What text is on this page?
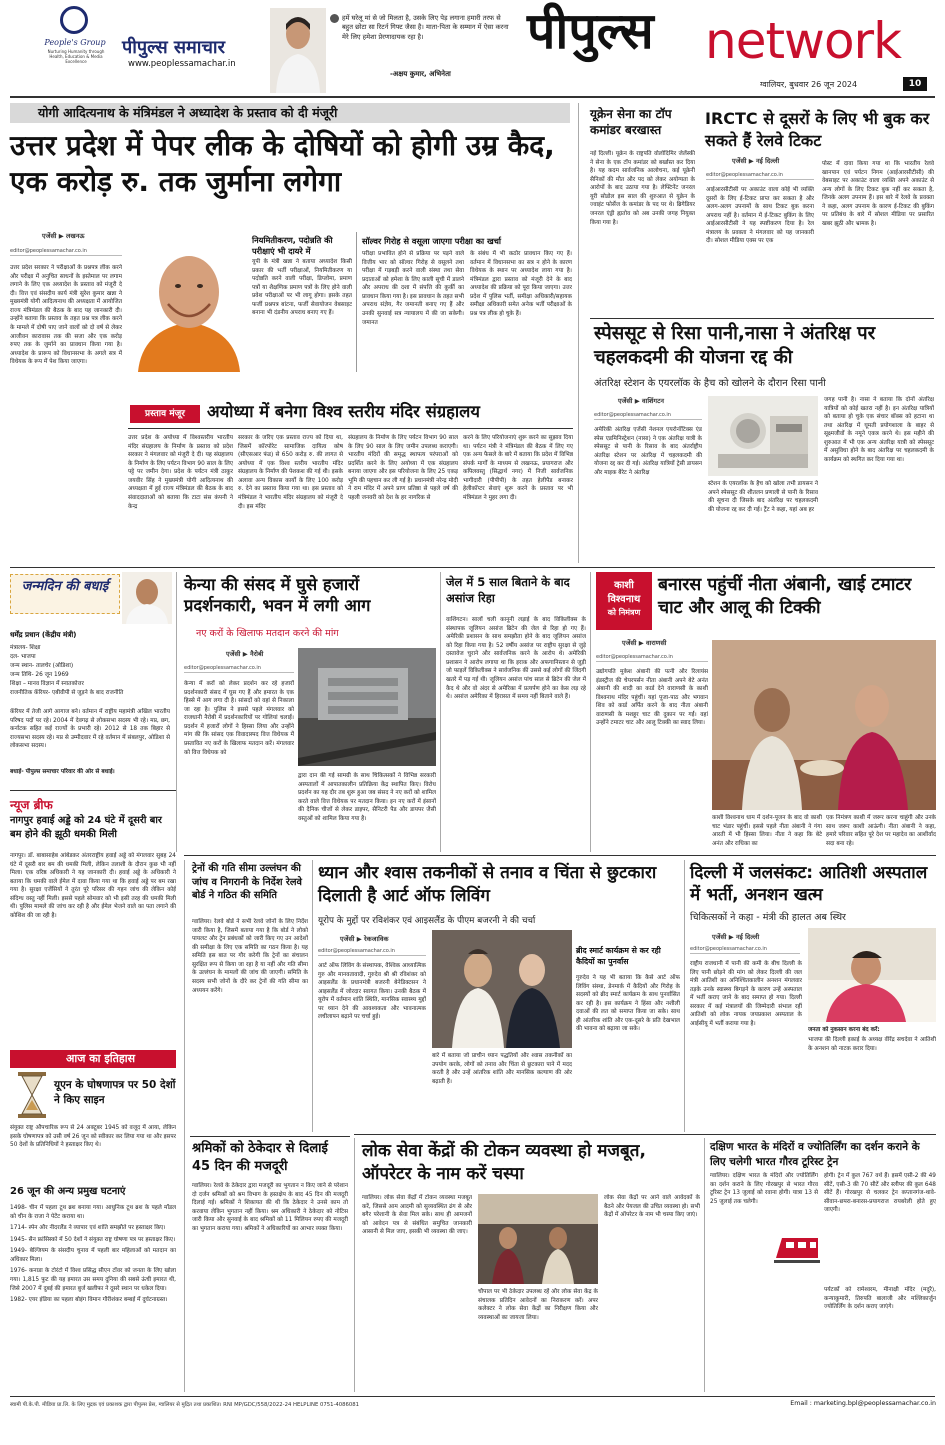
People's Group
Nurturing Humanity through Health, Education & Media Excellence
पीपुल्स समाचार
www.peoplessamachar.in
हमें घरेलू मां से जो मिलता है, उसके लिए पेड़ लगाना हमारी तरफ से बहुत छोटा सा रिटर्न गिफ्ट जैसा है। माता-पिता के सम्मान में ऐसा करना मेरे लिए हमेशा प्रेरणादायक रहा है।
-अक्षय कुमार, अभिनेता
पीपुल्स network
ग्वालियर, बुधवार 26 जून 2024	10
योगी आदित्यनाथ के मंत्रिमंडल ने अध्यादेश के प्रस्ताव को दी मंजूरी
उत्तर प्रदेश में पेपर लीक के दोषियों को होगी उम्र कैद, एक करोड़ रु. तक जुर्माना लगेगा
एजेंसी ▶ लखनऊ
editor@peoplessamachar.co.in
उत्तर प्रदेश सरकार ने परीक्षाओं के प्रश्नपत्र लीक करने और परीक्षा में अनुचित साधनों के इस्तेमाल पर लगाम लगाने के लिए एक अध्यादेश के प्रस्ताव को मंजूरी दे दी। वित्त एवं संसदीय कार्य मंत्री सुरेश कुमार खन्ना ने मुख्यमंत्री योगी आदित्यनाथ की अध्यक्षता में आयोजित राज्य मंत्रिमंडल की बैठक के बाद यह जानकारी दी। उन्होंने बताया कि प्रस्ताव के तहत प्रश्न पत्र लीक करने के मामले में दोषी पाए जाने वालों को दो वर्ष से लेकर आजीवन कारावास तक की सजा और एक करोड़ रुपए तक के जुर्माने का प्रावधान किया गया है। अध्यादेश के प्रारूप को विधानसभा के अगले सत्र में विधेयक के रूप में पेश किया जाएगा।
नियमितीकरण, पदोन्नति की परीक्षाएं भी दायरे में
यूपी के मंत्री खन्ना ने बताया अध्यादेश किसी प्रकार की भर्ती परीक्षाओं, नियमितीकरण या पदोन्नति करने वाली परीक्षा, डिप्लोमा, प्रमाण पत्रों या शैक्षणिक प्रमाण पत्रों के लिए होने वाली प्रवेश परीक्षाओं पर भी लागू होगा। इसके तहत फर्जी प्रश्नपत्र बांटना, फर्जी सेवायोजन वेबसाइट बनाना भी दंडनीय अपराध बनाए गए हैं।
सॉल्वर गिरोह से वसूला जाएगा परीक्षा का खर्चा
परीक्षा प्रभावित होने से प्रक्रिया पर पड़ने वाले वित्तीय भार को सॉल्वर गिरोह से वसूलने तथा परीक्षा में गड़बड़ी करने वाली संस्था तथा सेवा प्रदाताओं को हमेशा के लिए काली सूची में डालने और अपराध की दशा में संपत्ति की कुर्की का प्रावधान किया गया है। इस प्रावधान के तहत सभी अपराध संज्ञेय, गैर जमानती बनाए गए हैं और उनकी सुनवाई सत्र न्यायालय में की जा सकेगी। जमानत
के संबंध में भी कठोर प्रावधान किए गए हैं। वर्तमान में विधानसभा का सत्र न होने के कारण विधेयक के स्थान पर अध्यादेश लाया गया है। मंत्रिमंडल द्वारा प्रस्ताव को मंजूरी देने के बाद अध्यादेश की प्रक्रिया को पूरा किया जाएगा। उत्तर प्रदेश में पुलिस भर्ती, समीक्षा अधिकारी/सहायक समीक्षा अधिकारी समेत अनेक भर्ती परीक्षाओं के प्रश्न पत्र लीक हो चुके हैं।
प्रस्ताव मंजूर	अयोध्या में बनेगा विश्व स्तरीय मंदिर संग्रहालय
उत्तर प्रदेश के अयोध्या में विश्वस्तरीय भारतीय मंदिर संग्रहालय के निर्माण के प्रस्ताव को प्रदेश सरकार ने मंगलवार को मंजूरी दे दी। यह संग्रहालय के निर्माण के लिए पर्यटन विभाग 90 साल के लिए पट्टे पर जमीन देगा। प्रदेश के पर्यटन मंत्री ठाकुर जयवीर सिंह ने मुख्यमंत्री योगी आदित्यनाथ की अध्यक्षता में हुई राज्य मंत्रिमंडल की बैठक के बाद संवाददाताओं को बताया कि टाटा संस कंपनी ने केन्द्र
सरकार के जरिए एक प्रस्ताव राज्य को दिया था, जिसमें कॉरपोरेट सामाजिक दायित्व कोष (सीएसआर फंड) से 650 करोड़ रु. की लागत से अयोध्या में एक विश्व स्तरीय भारतीय मंदिर संग्रहालय के निर्माण की पेशकश की गई थी। इसके अलावा अन्य विकास कार्यों के लिए 100 करोड़ रु. देने का प्रस्ताव किया गया था। इस प्रस्ताव को मंत्रिमंडल ने भारतीय मंदिर संग्रहालय को मंजूरी दे दी। इस मंदिर
संग्रहालय के निर्माण के लिए पर्यटन विभाग 90 साल के लिए 90 साल के लिए जमीन उपलब्ध कराएगी। भारतीय मंदिरों की समृद्ध स्थापत्य परंपराओं को प्रदर्शित करने के लिए अयोध्या में एक संग्रहालय बनाया जाएगा और इस परियोजना के लिए 25 एकड़ भूमि की पहचान कर ली गई है। प्रधानमंत्री नरेन्द्र मोदी ने राम मंदिर में अपने प्राण प्रतिष्ठा से पहले वर्ष की पहली जनवरी को देश के हर नागरिक से
करने के लिए परियोजनाएं शुरू करने का सुझाव दिया था। पर्यटन मंत्री ने मंत्रिमंडल की बैठक में लिए गए एक अन्य फैसले के बारे में बताया कि प्रदेश में विभिन्न संपर्क मार्गों के माध्यम से लखनऊ, प्रयागराज और कपिलवस्तु (सिद्धार्थ नगर) में निजी सार्वजनिक भागीदारी (पीपीपी) के तहत हेलीपैड बनाकर हेलीकॉप्टर सेवाएं शुरू करने के प्रस्ताव पर भी मंत्रिमंडल ने मुहर लगा दी।
यूक्रेन सेना का टॉप कमांडर बरखास्त
नई दिल्ली। यूक्रेन के राष्ट्रपति वोलोदिमिर जेलेंस्की ने सेना के एक टॉप कमांडर को बर्खास्त कर दिया है। यह कदम सार्वजनिक आलोचना, कई यूक्रेनी सैनिकों की मौत और पद को लेकर अयोग्यता के आरोपों के बाद उठाया गया है। लेफ्टिनेंट जनरल यूरी सोडोल इस साल की शुरुआत से यूक्रेन के ज्वाइंट फोर्सेज के कमांडर के पद पर थे। ब्रिगेडियर जनरल एंड्री ह्नातोव को अब उनकी जगह नियुक्त किया गया है।
IRCTC से दूसरों के लिए भी बुक कर सकते हैं रेलवे टिकट
एजेंसी ▶ नई दिल्ली
editor@peoplessamachar.co.in
आईआरसीटीसी पर अकाउंट वाला कोई भी व्यक्ति दूसरों के लिए ई-टिकट प्राप्त कर सकता है और अलग-अलग उपनामों के साथ टिकट बुक करना अपराध नहीं है। वर्तमान में ई-टिकट बुकिंग के लिए आईआरसीटीसी ने यह स्पष्टीकरण दिया है। रेल मंत्रालय के प्रवक्ता ने मंगलवार को यह जानकारी दी। सोशल मीडिया एक्स पर एक
पोस्ट में दावा किया गया था कि भारतीय रेलवे खानपान एवं पर्यटन निगम (आईआरसीटीसी) की वेबसाइट पर अकाउंट वाला व्यक्ति अपने अकाउंट से अन्य लोगों के लिए टिकट बुक नहीं कर सकता है, जिनके अलग उपनाम हैं। इस बारे में रेलवे के प्रवक्ता ने कहा, अलग उपनाम के कारण ई-टिकट की बुकिंग पर प्रतिबंध के बारे में सोशल मीडिया पर प्रसारित खबर झूठी और भ्रामक है।
स्पेससूट से रिसा पानी,नासा ने अंतरिक्ष पर चहलकदमी की योजना रद्द की
अंतरिक्ष स्टेशन के एयरलॉक के हैच को खोलने के दौरान रिसा पानी
एजेंसी ▶ वाशिंगटन
editor@peoplessamachar.co.in
अमेरिकी अंतरिक्ष एजेंसी नेशनल एयरोनॉटिक्स एंड स्पेस एडमिनिस्ट्रेशन (नासा) ने एक अंतरिक्ष यात्री के स्पेससूट से पानी के रिसाव के बाद अंतर्राष्ट्रीय अंतरिक्ष स्टेशन पर अंतरिक्ष में चहलकदमी की योजना रद्द कर दी गई। अंतरिक्ष यात्रियों ट्रेसी डायसन और माइक बैरेट ने अंतरिक्ष
स्टेशन के एयरलॉक के हैच को खोला तभी डायसन ने अपने स्पेससूट की शीतलन प्रणाली से पानी के रिसाव की सूचना दी जिसके बाद अंतरिक्ष पर चहलकदमी की योजना रद्द कर दी गई। ट्रैंट ने कहा, यहां अब हर
जगह पानी है। नासा ने बताया कि दोनों अंतरिक्ष यात्रियों को कोई खतरा नहीं है। इन अंतरिक्ष यात्रियों को बताया हो चुके एक संचार बॉक्स को हटाना था तथा अंतरिक्ष में घूमती प्रयोगशाला के बाहर से सूक्ष्मजीवों के नमूने एकत्र करने थे। इस महीने की शुरुआत में भी एक अन्य अंतरिक्ष यात्री को स्पेससूट में असुविधा होने के बाद अंतरिक्ष पर चहलकदमी के कार्यक्रम को स्थगित कर दिया गया था।
जन्मदिन की बधाई
धर्मेंद्र प्रधान (केंद्रीय मंत्री)
मंत्रालय- शिक्षा
दल- भाजपा
जन्म स्थान- तालचेर (ओडिशा)
जन्म तिथि- 26 जून 1969
शिक्षा – मानव विज्ञान में स्नातकोत्तर
राजनीतिक कॅरियर- एबीवीपी से जुड़ने के बाद राजनीति
कॅरियर में तेजी आगे आगाज बने। वर्तमान में राष्ट्रीय महामंत्री अखिल भारतीय परिषद पदों पर रहे। 2004 में देवगढ़ से लोकसभा सदस्य भी रहे। मप्र, छग, कर्नाटक सहित कई राज्यों के प्रभारी रहे। 2012 से 18 तक बिहार से राज्यसभा सदस्य रहे। मप्र से उम्मीदवार में रहे वर्तमान में संबलपुर, ओडिशा से लोकसभा सदस्य।
बधाई- पीपुल्स समाचार परिवार की ओर से बधाई।
केन्या की संसद में घुसे हजारों प्रदर्शनकारी, भवन में लगी आग
नए करों के खिलाफ मतदान करने की मांग
एजेंसी ▶ नैरोबी
editor@peoplessamachar.co.in
केन्या में करों को लेकर प्रदर्शन कर रहे हजारों प्रदर्शनकारी संसद में घुस गए हैं और इमारत के एक हिस्से में आग लगा दी है। सांसदों को वहां से निकाला जा रहा है। पुलिस ने इससे पहले मंगलवार को राजधानी नैरोबी में प्रदर्शनकारियों पर गोलियां चलाईं। प्रदर्शन में हजारों लोगों ने हिस्सा लिया और उन्होंने मांग की कि सांसद एक विवादास्पद वित्त विधेयक में प्रस्तावित नए करों के खिलाफ मतदान करें। मंगलवार को वित्त विधेयक को
द्वारा दान की गई सामग्री के साथ चिकित्सकों ने विभिन्न सरकारी अस्पतालों में आपातकालीन प्रतिक्रिया केंद्र स्थापित किए। विरोध प्रदर्शन का यह दौर तब शुरू हुआ जब संसद ने नए करों को शामिल करते वाले वित्त विधेयक पर मतदान किया। इन नए करों में इंसानों की दैनिक चीजों से लेकर डाइपर, सैनिटरी पैड और डायपर जैसी वस्तुओं को शामिल किया गया है।
जेल में 5 साल बिताने के बाद असांज रिहा
वाशिंगटन। सालों चली कानूनी लड़ाई के बाद विकिलीक्स के संस्थापक जूलियन असांज ब्रिटेन की जेल से रिहा हो गए हैं। अमेरिकी प्रशासन के साथ समझौता होने के बाद जूलियन असांज को रिहा किया गया है। 52 वर्षीय असांज पर राष्ट्रीय सुरक्षा से जुड़े दस्तावेज चुराने और सार्वजनिक करने के आरोप थे। अमेरिकी प्रशासन ने आरोप लगाया था कि इराक और अफगानिस्तान से जुड़ी जो फाइलें विकिलीक्स ने सार्वजनिक कीं उससे कई लोगों की जिंदगी खतरे में पड़ गई थी। जूलियन असांज पांच साल से ब्रिटेन की जेल में कैद थे और वो अंदर से अमेरिका में प्रत्यर्पण होने का केस लड़ रहे थे। असांज अमेरिका में हिरासत में समय नहीं बिताने वाले हैं।
काशी
विश्वनाथ
को निमंत्रण
बनारस पहुंचीं नीता अंबानी, खाई टमाटर चाट और आलू की टिक्की
एजेंसी ▶ वाराणसी
editor@peoplessamachar.co.in
उद्योगपति मुकेश अंबानी की पत्नी और रिलायंस इंडस्ट्रीज की चेयरपर्सन नीता अंबानी अपने बेटे अनंत अंबानी की शादी का कार्ड देने वाराणसी के काशी विश्वनाथ मंदिर पहुंचीं। यहां पूजा-पाठ और भगवान शिव को कार्ड अर्पित करने के बाद नीता अंबानी वाराणसी के मशहूर चाट की दुकान पर गईं। वहां उन्होंने टमाटर चाट और आलू टिक्की का स्वाद लिया।
काशी विश्वनाथ धाम में दर्शन-पूजन के बाद वो काशी चाट भंडार पहुंचीं। इससे पहले नीता अंबानी ने गंगा आरती में भी हिस्सा लिया। नीता ने कहा कि बेटे अनंत और राधिका का
एक निमंत्रण काशी में जरूर करना चाहूंगी और उनके साथ जरूर काशी आऊंगी। नीता अंबानी ने कहा, हमारे परिवार सहित पूरे देश पर महादेव का आशीर्वाद सदा बना रहे।
न्यूज ब्रीफ
नागपुर हवाई अड्डे को 24 घंटे में दूसरी बार बम होने की झूठी धमकी मिली
नागपुर। डॉ. बाबासाहेब आंबेडकर अंतरराष्ट्रीय हवाई अड्डे को मंगलवार सुबह 24 घंटे में दूसरी बार बम की धमकी मिली, लेकिन तलाशी के दौरान कुछ भी नहीं मिला। एक वरिष्ठ अधिकारी ने यह जानकारी दी। हवाई अड्डे के अधिकारी ने बताया कि धमकी वाले ईमेल में दावा किया गया था कि हवाई अड्डे पर बम रखा गया है। सुरक्षा एजेंसियों ने तुरंत पूरे परिसर की गहन जांच की लेकिन कोई संदिग्ध वस्तु नहीं मिली। इससे पहले सोमवार को भी इसी तरह की धमकी मिली थी। पुलिस मामले की जांच कर रही है और ईमेल भेजने वाले का पता लगाने की कोशिश की जा रही है।
आज का इतिहास
यूएन के घोषणापत्र पर 50 देशों ने किए साइन
संयुक्त राष्ट्र औपचारिक रूप से 24 अक्टूबर 1945 को वजूद में आया, लेकिन इसके घोषणापत्र को उसी वर्ष 26 जून को स्वीकार कर लिया गया था और इसपर 50 देशों के प्रतिनिधियों ने हस्ताक्षर किए थे।
26 जून की अन्य प्रमुख घटनाएं
1498- चीन में पहला टूथ ब्रश बनाया गया। आधुनिक टूथ ब्रश के पहले मॉडल को चीन के राजा ने पेटेंट कराया था।
1714- स्पेन और नीदरलैंड ने व्यापार एवं शांति समझौते पर हस्ताक्षर किए।
1945- सैन फ्रांसिस्को में 50 देशों ने संयुक्त राष्ट्र घोषणा पत्र पर हस्ताक्षर किए।
1949- बेल्जियम के संसदीय चुनाव में पहली बार महिलाओं को मतदान का अधिकार मिला।
1976- कनाडा के टोरंटो में विश्व प्रसिद्ध सीएन टॉवर को जनता के लिए खोला गया। 1,815 फुट की यह इमारत उस समय दुनिया की सबसे ऊंची इमारत थी, जिसे 2007 में दुबई की इमारत बुर्ज खलीफा ने दूसरे स्थान पर धकेल दिया।
1982- एयर इंडिया का पहला बोइंग विमान गौरीशंकर बम्बई में दुर्घटनाग्रस्त।
ट्रेनों की गति सीमा उल्लंघन की जांच व निगरानी के निर्देश रेलवे बोर्ड ने गठित की समिति
ग्वालियर। रेलवे बोर्ड ने सभी रेलवे जोनों के लिए निर्देश जारी किया है, जिसमें बताया गया है कि बोर्ड ने लोको पायलट और ट्रेन प्रबंधकों को जारी किए गए उन आदेशों की समीक्षा के लिए एक समिति का गठन किया है। यह समिति इस बात पर गौर करेगी कि ट्रेनों का संचालन सुरक्षित रूप से किया जा रहा है या नहीं और गति सीमा के उल्लंघन के मामलों की जांच की जाएगी। समिति के सदस्य सभी जोनों के दौरे कर ट्रेनों की गति सीमा का अध्ययन करेंगे।
श्रमिकों को ठेकेदार से दिलाई 45 दिन की मजदूरी
ग्वालियर। रेलवे के ठेकेदार द्वारा मजदूरी का भुगतान न किए जाने से परेशान दो दर्जन श्रमिकों को श्रम विभाग के हस्तक्षेप के बाद 45 दिन की मजदूरी दिलाई गई। श्रमिकों ने शिकायत की थी कि ठेकेदार ने उनसे काम तो करवाया लेकिन भुगतान नहीं किया। श्रम अधिकारी ने ठेकेदार को नोटिस जारी किया और सुनवाई के बाद श्रमिकों को 11 मिलियन रुपए की मजदूरी का भुगतान कराया गया। श्रमिकों ने अधिकारियों का आभार व्यक्त किया।
ध्यान और श्वास तकनीकों से तनाव व चिंता से छुटकारा दिलाती है आर्ट ऑफ लिविंग
यूरोप के मुद्दों पर रविशंकर एवं आइसलैंड के पीएम बजरनी ने की चर्चा
एजेंसी ▶ रेकजाविक
editor@peoplessamachar.co.in
आर्ट ऑफ लिविंग के संस्थापक, वैश्विक आध्यात्मिक गुरु और मानवतावादी, गुरुदेव श्री श्री रविशंकर को आइसलैंड के प्रधानमंत्री बजरनी बेनेडिक्टसन ने आइसलैंड में जोरदार स्वागत किया। उनकी बैठक में यूरोप में वर्तमान शांति स्थिति, मानसिक स्वास्थ्य मुद्दों पर ध्यान देने की आवश्यकता और भावनात्मक लचीलापन बढ़ाने पर चर्चा हुई।
बारे में बताया जो प्राचीन ध्यान पद्धतियों और श्वास तकनीकों का उपयोग करके, लोगों को तनाव और चिंता से छुटकारा पाने में मदद करती है और उन्हें आंतरिक शांति और मानसिक कल्याण की ओर बढ़ाती हैं।
ब्रीद स्मार्ट कार्यक्रम से कर रही कैदियों का पुनर्वास
गुरुदेव ने यह भी बताया कि कैसे आर्ट ऑफ लिविंग संस्था, डेनमार्क में कैदियों और गिरोह के सदस्यों को ब्रीद स्मार्ट कार्यक्रम के साथ पुनर्वासित कर रही है। इस कार्यक्रम ने हिंसा और नशीली दवाओं की लत को समाप्त किया जा सके। साथ ही आंतरिक शांति और एक-दूसरे के प्रति देखभाल की भावना को बढ़ाया जा सके।
दिल्ली में जलसंकट: आतिशी अस्पताल में भर्ती, अनशन खत्म
चिकित्सकों ने कहा - मंत्री की हालत अब स्थिर
एजेंसी ▶ नई दिल्ली
editor@peoplessamachar.co.in
राष्ट्रीय राजधानी में पानी की कमी के बीच दिल्ली के लिए पानी छोड़ने की मांग को लेकर दिल्ली की जल मंत्री आतिशी का अनिश्चितकालीन अनशन मंगलवार तड़के उनके स्वास्थ्य बिगड़ने के कारण उन्हें अस्पताल में भर्ती कराए जाने के बाद समाप्त हो गया। दिल्ली सरकार में कई मंत्रालयों की जिम्मेदारी संभाल रहीं आतिशी को लोक नायक जयप्रकाश अस्पताल के आईसीयू में भर्ती कराया गया है।
जनता को नुकसान करना बंद करें:
भाजपा की दिल्ली इकाई के अध्यक्ष वीरेंद्र सचदेवा ने आतिशी के अनशन को नाटक करार दिया।
लोक सेवा केंद्रों की टोकन व्यवस्था हो मजबूत, ऑपरेटर के नाम करें चस्पा
ग्वालियर। लोक सेवा केंद्रों में टोकन व्यवस्था मजबूत करें, जिससे आम आदमी को सुव्यवस्थित ढंग से और बगैर परेशानी के सेवा मिल सके। साथ ही आमजनों को आवेदन पत्र से संबंधित समुचित जानकारी आसानी से मिल जाए, इसकी भी व्यवस्था की जाए।
चौपाल पर भी ठेकेदार उपलब्ध रहें और लोक सेवा केंद्र के संचालक प्रतिदिन आवेदनों का निराकरण करें। अपर कलेक्टर ने लोक सेवा केंद्रों का निरीक्षण किया और व्यवस्थाओं का जायजा लिया।
लोक सेवा केंद्रों पर आने वाले आवेदकों के बैठने और पेयजल की उचित व्यवस्था हो। सभी केंद्रों में ऑपरेटर के नाम भी चस्पा किए जाएं।
दक्षिण भारत के मंदिरों व ज्योतिर्लिंग का दर्शन कराने के लिए चलेगी भारत गौरव टूरिस्ट ट्रेन
ग्वालियर। दक्षिण भारत के मंदिरों और ज्योतिर्लिंग का दर्शन कराने के लिए गोरखपुर से भारत गौरव टूरिस्ट ट्रेन 13 जुलाई को रवाना होगी। यात्रा 13 से 25 जुलाई तक चलेगी।
होगी। ट्रेन में कुल 767 वर्थ हैं। इसमें एसी-2 की 49 सीटें, एसी-3 की 70 सीटें और स्लीपर की कुल 648 सीटें हैं। गोरखपुर से चलकर ट्रेन कप्तानगंज-थावे-सीवान-छपरा-बनारस-प्रयागराज रायबरेली होते हुए जाएगी।
पर्यटकों को रामेश्वरम, मीनाक्षी मंदिर (मदुरै), कन्याकुमारी, तिरुपति बालाजी और मल्लिकार्जुन ज्योतिर्लिंग के दर्शन कराए जाएंगे।
स्वामी पी.के.पी. मीडिया प्रा.लि. के लिए मुद्रक एवं प्रकाशक द्वारा पीपुल्स प्रेस, ग्वालियर से मुद्रित तथा प्रकाशित। RNI MP/GDC/558/2022-24 HELPLINE 0751-4086081	Email : marketing.bpl@peoplessamachar.co.in
